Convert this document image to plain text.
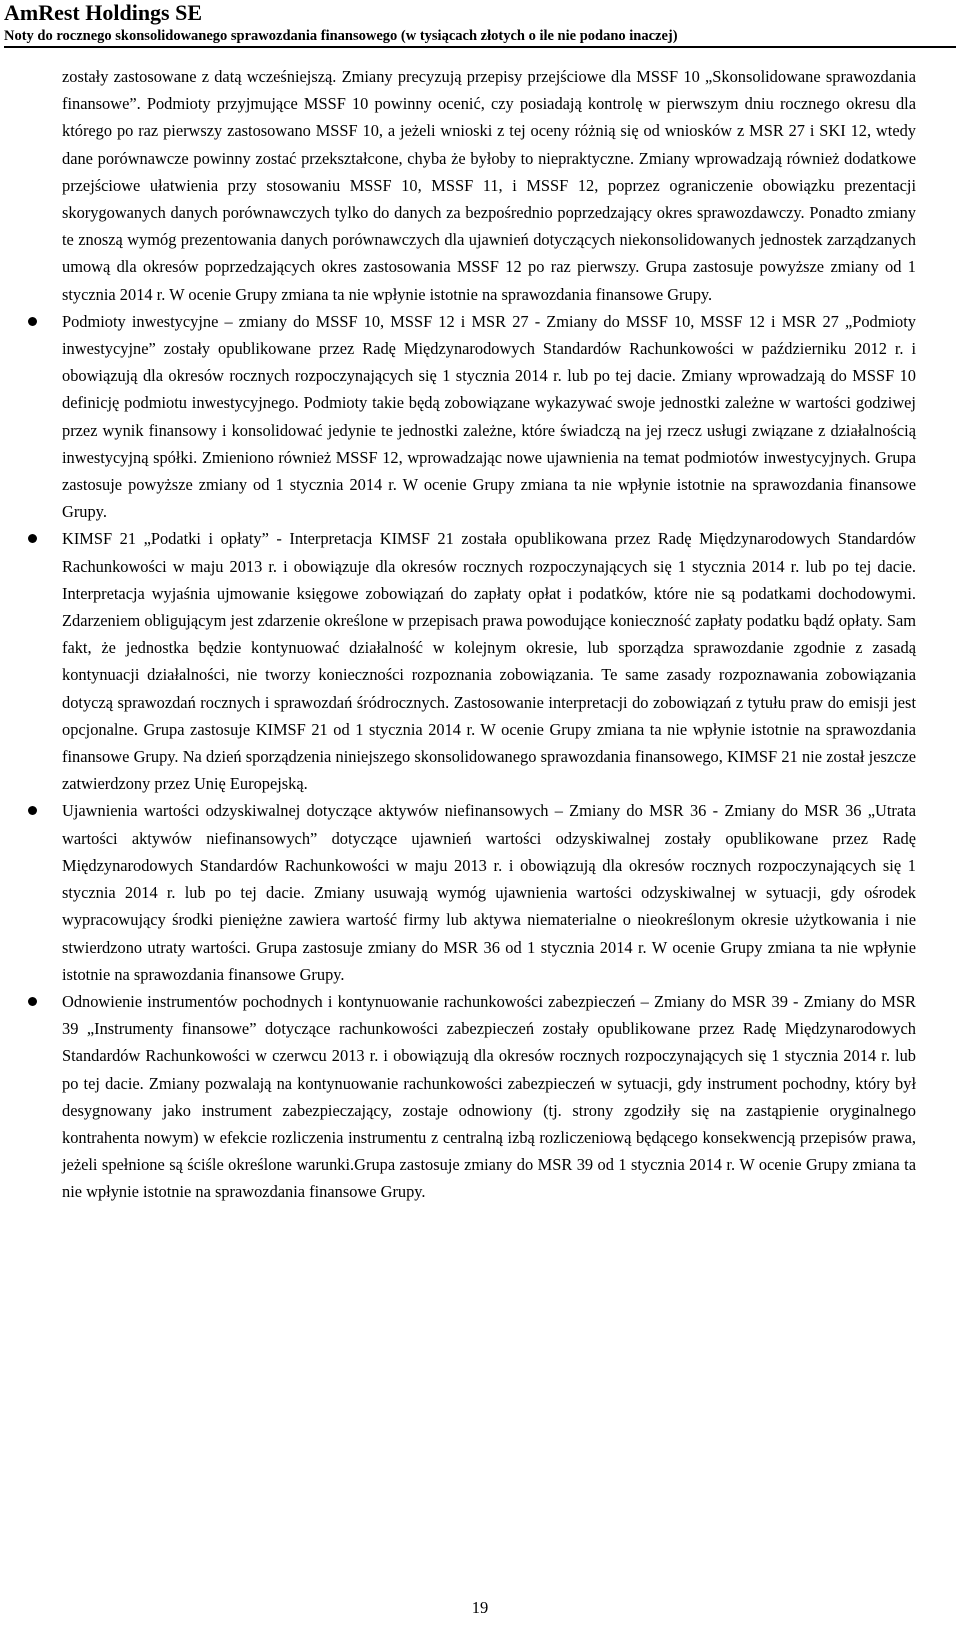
AmRest Holdings SE
Noty do rocznego skonsolidowanego sprawozdania finansowego (w tysiącach złotych o ile nie podano inaczej)

zostały zastosowane z datą wcześniejszą. Zmiany precyzują przepisy przejściowe dla MSSF 10 „Skonsolidowane sprawozdania finansowe”. Podmioty przyjmujące MSSF 10 powinny ocenić, czy posiadają kontrolę w pierwszym dniu rocznego okresu dla którego po raz pierwszy zastosowano MSSF 10, a jeżeli wnioski z tej oceny różnią się od wniosków z MSR 27 i SKI 12, wtedy dane porównawcze powinny zostać przekształcone, chyba że byłoby to niepraktyczne. Zmiany wprowadzają również dodatkowe przejściowe ułatwienia przy stosowaniu MSSF 10, MSSF 11, i MSSF 12, poprzez ograniczenie obowiązku prezentacji skorygowanych danych porównawczych tylko do danych za bezpośrednio poprzedzający okres sprawozdawczy. Ponadto zmiany te znoszą wymóg prezentowania danych porównawczych dla ujawnień dotyczących niekonsolidowanych jednostek zarządzanych umową dla okresów poprzedzających okres zastosowania MSSF 12 po raz pierwszy. Grupa zastosuje powyższe zmiany od 1 stycznia 2014 r. W ocenie Grupy zmiana ta nie wpłynie istotnie na sprawozdania finansowe Grupy.

Podmioty inwestycyjne – zmiany do MSSF 10, MSSF 12 i MSR 27 - Zmiany do MSSF 10, MSSF 12 i MSR 27 „Podmioty inwestycyjne” zostały opublikowane przez Radę Międzynarodowych Standardów Rachunkowości w październiku 2012 r. i obowiązują dla okresów rocznych rozpoczynających się 1 stycznia 2014 r. lub po tej dacie. Zmiany wprowadzają do MSSF 10 definicję podmiotu inwestycyjnego. Podmioty takie będą zobowiązane wykazywać swoje jednostki zależne w wartości godziwej przez wynik finansowy i konsolidować jedynie te jednostki zależne, które świadczą na jej rzecz usługi związane z działalnością inwestycyjną spółki. Zmieniono również MSSF 12, wprowadzając nowe ujawnienia na temat podmiotów inwestycyjnych. Grupa zastosuje powyższe zmiany od 1 stycznia 2014 r. W ocenie Grupy zmiana ta nie wpłynie istotnie na sprawozdania finansowe Grupy.
KIMSF 21 „Podatki i opłaty” - Interpretacja KIMSF 21 została opublikowana przez Radę Międzynarodowych Standardów Rachunkowości w maju 2013 r. i obowiązuje dla okresów rocznych rozpoczynających się 1 stycznia 2014 r. lub po tej dacie. Interpretacja wyjaśnia ujmowanie księgowe zobowiązań do zapłaty opłat i podatków, które nie są podatkami dochodowymi. Zdarzeniem obligującym jest zdarzenie określone w przepisach prawa powodujące konieczność zapłaty podatku bądź opłaty. Sam fakt, że jednostka będzie kontynuować działalność w kolejnym okresie, lub sporządza sprawozdanie zgodnie z zasadą kontynuacji działalności, nie tworzy konieczności rozpoznania zobowiązania. Te same zasady rozpoznawania zobowiązania dotyczą sprawozdań rocznych i sprawozdań śródrocznych. Zastosowanie interpretacji do zobowiązań z tytułu praw do emisji jest opcjonalne. Grupa zastosuje KIMSF 21 od 1 stycznia 2014 r. W ocenie Grupy zmiana ta nie wpłynie istotnie na sprawozdania finansowe Grupy. Na dzień sporządzenia niniejszego skonsolidowanego sprawozdania finansowego, KIMSF 21 nie został jeszcze zatwierdzony przez Unię Europejską.
Ujawnienia wartości odzyskiwalnej dotyczące aktywów niefinansowych – Zmiany do MSR 36 - Zmiany do MSR 36 „Utrata wartości aktywów niefinansowych” dotyczące ujawnień wartości odzyskiwalnej zostały opublikowane przez Radę Międzynarodowych Standardów Rachunkowości w maju 2013 r. i obowiązują dla okresów rocznych rozpoczynających się 1 stycznia 2014 r. lub po tej dacie. Zmiany usuwają wymóg ujawnienia wartości odzyskiwalnej w sytuacji, gdy ośrodek wypracowujący środki pieniężne zawiera wartość firmy lub aktywa niematerialne o nieokreślonym okresie użytkowania i nie stwierdzono utraty wartości. Grupa zastosuje zmiany do MSR 36 od 1 stycznia 2014 r. W ocenie Grupy zmiana ta nie wpłynie istotnie na sprawozdania finansowe Grupy.
Odnowienie instrumentów pochodnych i kontynuowanie rachunkowości zabezpieczeń – Zmiany do MSR 39 - Zmiany do MSR 39 „Instrumenty finansowe” dotyczące rachunkowości zabezpieczeń zostały opublikowane przez Radę Międzynarodowych Standardów Rachunkowości w czerwcu 2013 r. i obowiązują dla okresów rocznych rozpoczynających się 1 stycznia 2014 r. lub po tej dacie. Zmiany pozwalają na kontynuowanie rachunkowości zabezpieczeń w sytuacji, gdy instrument pochodny, który był desygnowany jako instrument zabezpieczający, zostaje odnowiony (tj. strony zgodziły się na zastąpienie oryginalnego kontrahenta nowym) w efekcie rozliczenia instrumentu z centralną izbą rozliczeniową będącego konsekwencją przepisów prawa, jeżeli spełnione są ściśle określone warunki.Grupa zastosuje zmiany do MSR 39 od 1 stycznia 2014 r. W ocenie Grupy zmiana ta nie wpłynie istotnie na sprawozdania finansowe Grupy.
19
